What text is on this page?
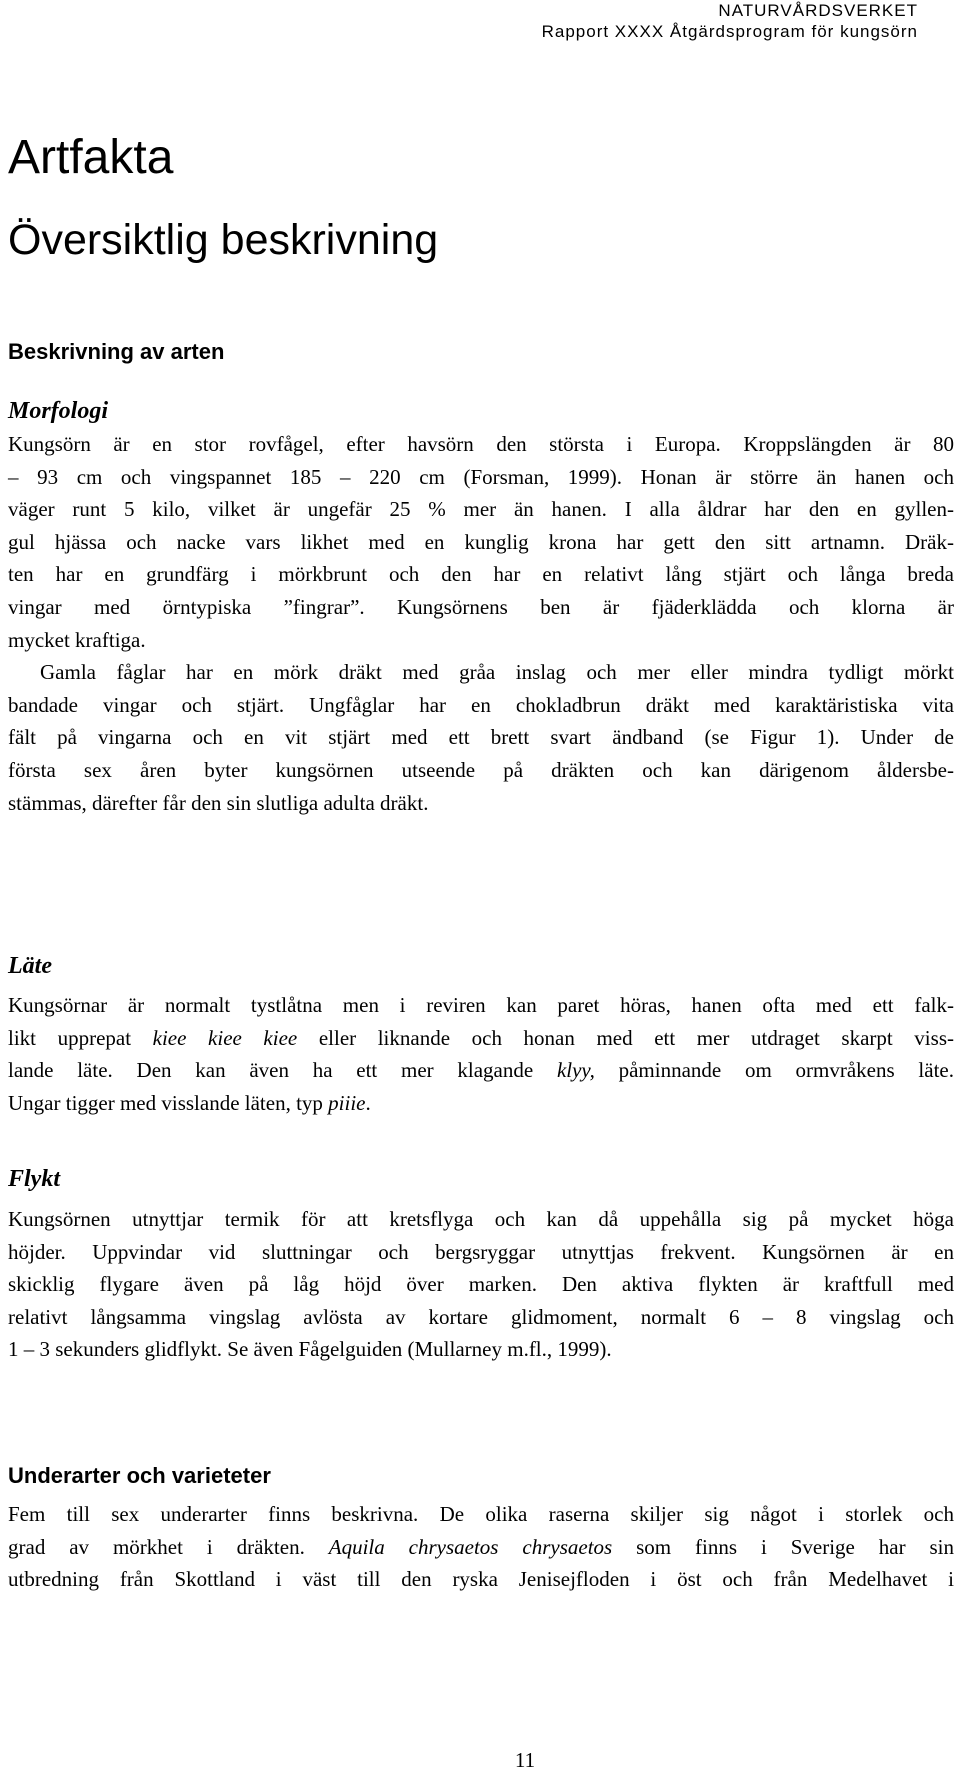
NATURVÅRDSVERKET
Rapport XXXX Åtgärdsprogram för kungsörn
Artfakta
Översiktlig beskrivning
Beskrivning av arten
Morfologi
Kungsörn är en stor rovfågel, efter havsörn den största i Europa. Kroppslängden är 80
– 93 cm och vingspannet 185 – 220 cm (Forsman, 1999). Honan är större än hanen och
väger runt 5 kilo, vilket är ungefär 25 % mer än hanen. I alla åldrar har den en gyllen-
gul hjässa och nacke vars likhet med en kunglig krona har gett den sitt artnamn. Dräk-
ten har en grundfärg i mörkbrunt och den har en relativt lång stjärt och långa breda
vingar med örntypiska ”fingrar”. Kungsörnens ben är fjäderklädda och klorna är
mycket kraftiga.
Gamla fåglar har en mörk dräkt med gråa inslag och mer eller mindra tydligt mörkt
bandade vingar och stjärt. Ungfåglar har en chokladbrun dräkt med karaktäristiska vita
fält på vingarna och en vit stjärt med ett brett svart ändband (se Figur 1). Under de
första sex åren byter kungsörnen utseende på dräkten och kan därigenom åldersbe-
stämmas, därefter får den sin slutliga adulta dräkt.
Läte
Kungsörnar är normalt tystlåtna men i reviren kan paret höras, hanen ofta med ett falk-
likt upprepat kiee kiee kiee eller liknande och honan med ett mer utdraget skarpt viss-
lande läte. Den kan även ha ett mer klagande klyy, påminnande om ormvråkens läte.
Ungar tigger med visslande läten, typ piiie.
Flykt
Kungsörnen utnyttjar termik för att kretsflyga och kan då uppehålla sig på mycket höga
höjder. Uppvindar vid sluttningar och bergsryggar utnyttjas frekvent. Kungsörnen är en
skicklig flygare även på låg höjd över marken. Den aktiva flykten är kraftfull med
relativt långsamma vingslag avlösta av kortare glidmoment, normalt 6 – 8 vingslag och
1 – 3 sekunders glidflykt. Se även Fågelguiden (Mullarney m.fl., 1999).
Underarter och varieteter
Fem till sex underarter finns beskrivna. De olika raserna skiljer sig något i storlek och
grad av mörkhet i dräkten. Aquila chrysaetos chrysaetos som finns i Sverige har sin
utbredning från Skottland i väst till den ryska Jenisejfloden i öst och från Medelhavet i
11
